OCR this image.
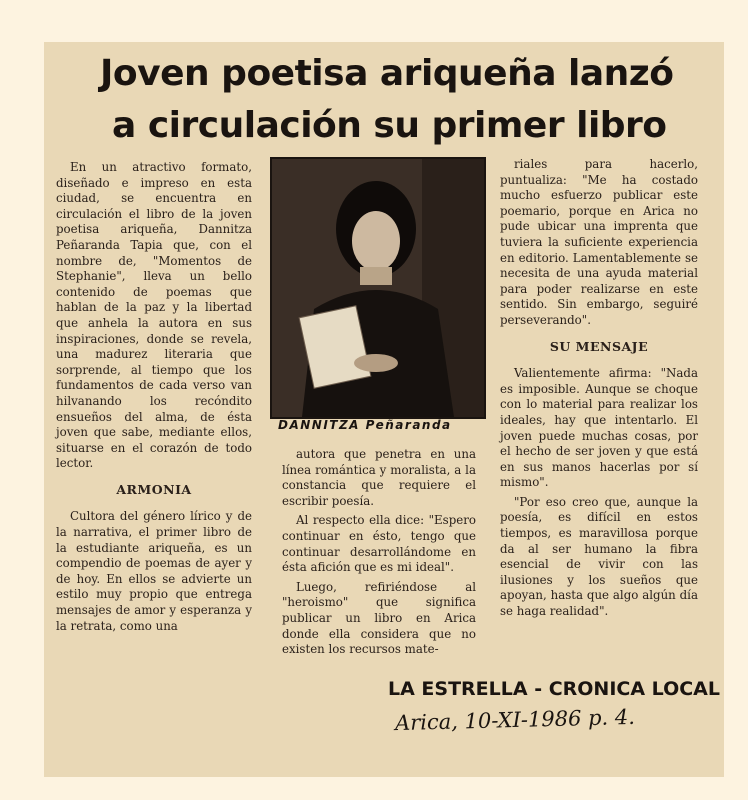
Joven poetisa ariqueña lanzó
a circulación su primer libro

En un atractivo formato, diseñado e impreso en esta ciudad, se encuentra en circulación el libro de la joven poetisa ariqueña, Dannitza Peñaranda Tapia que, con el nombre de, "Momentos de Stephanie", lleva un bello contenido de poemas que hablan de la paz y la libertad que anhela la autora en sus inspiraciones, donde se revela, una madurez literaria que sorprende, al tiempo que los fundamentos de cada verso van hilvanando los recóndito ensueños del alma, de ésta joven que sabe, mediante ellos, situarse en el corazón de todo lector.

ARMONIA

Cultora del género lírico y de la narrativa, el primer libro de la estudiante ariqueña, es un compendio de poemas de ayer y de hoy. En ellos se advierte un estilo muy propio que entrega mensajes de amor y esperanza y la retrata, como una

DANNITZA Peñaranda

autora que penetra en una línea romántica y moralista, a la constancia que requiere el escribir poesía.

Al respecto ella dice: "Espero continuar en ésto, tengo que continuar desarrollándome en ésta afición que es mi ideal".

Luego, refiriéndose al "heroismo" que significa publicar un libro en Arica donde ella considera que no existen los recursos mate-

riales para hacerlo, puntualiza: "Me ha costado mucho esfuerzo publicar este poemario, porque en Arica no pude ubicar una imprenta que tuviera la suficiente experiencia en editorio. Lamentablemente se necesita de una ayuda material para poder realizarse en este sentido. Sin embargo, seguiré perseverando".

SU MENSAJE

Valientemente afirma: "Nada es imposible. Aunque se choque con lo material para realizar los ideales, hay que intentarlo. El joven puede muchas cosas, por el hecho de ser joven y que está en sus manos hacerlas por sí mismo".

"Por eso creo que, aunque la poesía, es difícil en estos tiempos, es maravillosa porque da al ser humano la fibra esencial de vivir con las ilusiones y los sueños que apoyan, hasta que algo algún día se haga realidad".

LA ESTRELLA - CRONICA LOCAL
Arica, 10-XI-1986 p. 4.
